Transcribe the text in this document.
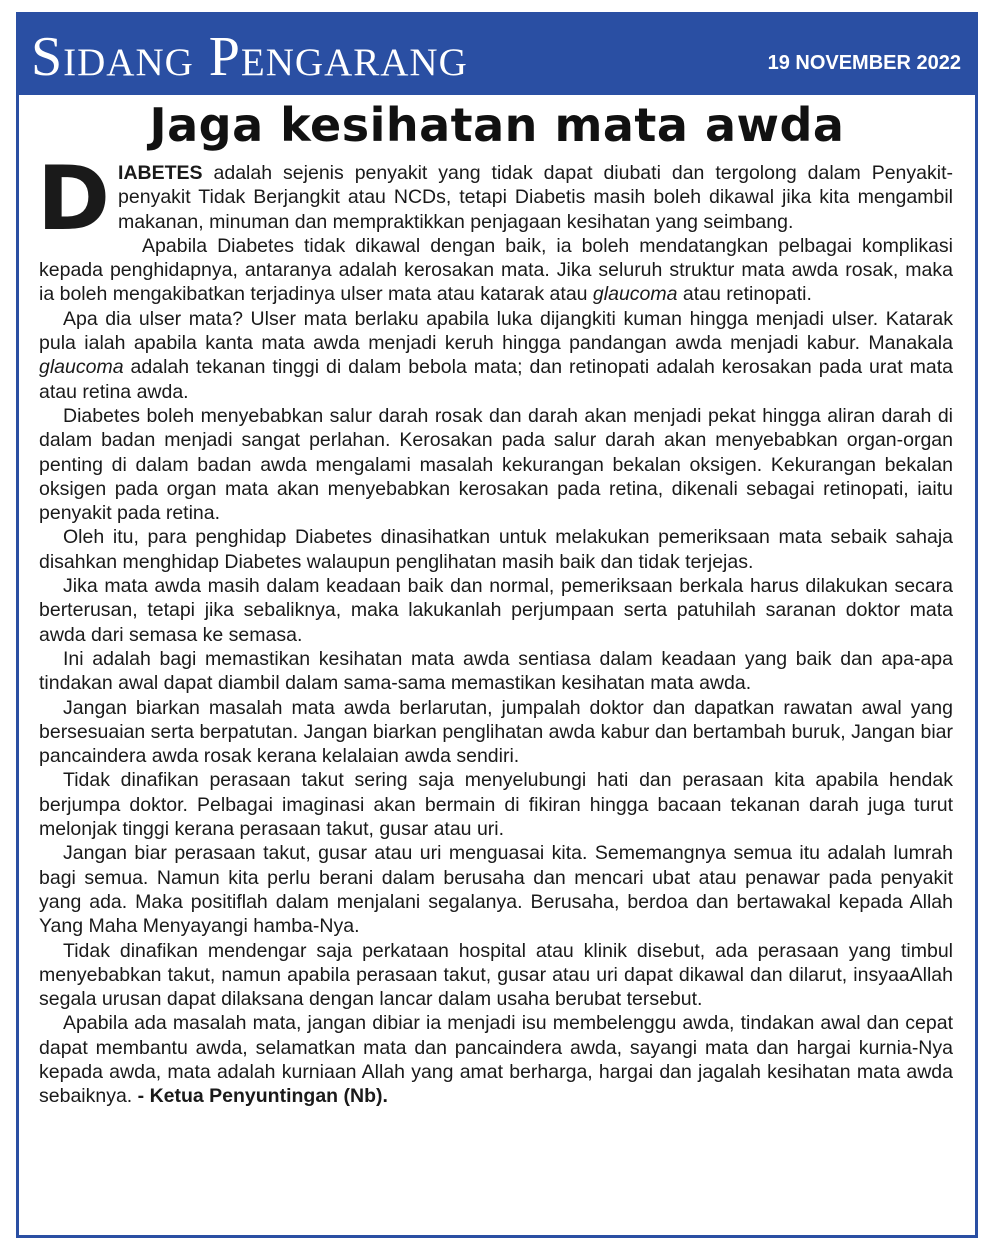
Sidang Pengarang	19 NOVEMBER 2022
Jaga kesihatan mata awda

DIABETES adalah sejenis penyakit yang tidak dapat diubati dan tergolong dalam Penyakit-penyakit Tidak Berjangkit atau NCDs, tetapi Diabetis masih boleh dikawal jika kita mengambil makanan, minuman dan mempraktikkan penjagaan kesihatan yang seimbang.

Apabila Diabetes tidak dikawal dengan baik, ia boleh mendatangkan pelbagai komplikasi kepada penghidapnya, antaranya adalah kerosakan mata. Jika seluruh struktur mata awda rosak, maka ia boleh mengakibatkan terjadinya ulser mata atau katarak atau glaucoma atau retinopati.

Apa dia ulser mata? Ulser mata berlaku apabila luka dijangkiti kuman hingga menjadi ulser. Katarak pula ialah apabila kanta mata awda menjadi keruh hingga pandangan awda menjadi kabur. Manakala glaucoma adalah tekanan tinggi di dalam bebola mata; dan retinopati adalah kerosakan pada urat mata atau retina awda.

Diabetes boleh menyebabkan salur darah rosak dan darah akan menjadi pekat hingga aliran darah di dalam badan menjadi sangat perlahan. Kerosakan pada salur darah akan menyebabkan organ-organ penting di dalam badan awda mengalami masalah kekurangan bekalan oksigen. Kekurangan bekalan oksigen pada organ mata akan menyebabkan kerosakan pada retina, dikenali sebagai retinopati, iaitu penyakit pada retina.

Oleh itu, para penghidap Diabetes dinasihatkan untuk melakukan pemeriksaan mata sebaik sahaja disahkan menghidap Diabetes walaupun penglihatan masih baik dan tidak terjejas.

Jika mata awda masih dalam keadaan baik dan normal, pemeriksaan berkala harus dilakukan secara berterusan, tetapi jika sebaliknya, maka lakukanlah perjumpaan serta patuhilah saranan doktor mata awda dari semasa ke semasa.

Ini adalah bagi memastikan kesihatan mata awda sentiasa dalam keadaan yang baik dan apa-apa tindakan awal dapat diambil dalam sama-sama memastikan kesihatan mata awda.

Jangan biarkan masalah mata awda berlarutan, jumpalah doktor dan dapatkan rawatan awal yang bersesuaian serta berpatutan. Jangan biarkan penglihatan awda kabur dan bertambah buruk, Jangan biar pancaindera awda rosak kerana kelalaian awda sendiri.

Tidak dinafikan perasaan takut sering saja menyelubungi hati dan perasaan kita apabila hendak berjumpa doktor. Pelbagai imaginasi akan bermain di fikiran hingga bacaan tekanan darah juga turut melonjak tinggi kerana perasaan takut, gusar atau uri.

Jangan biar perasaan takut, gusar atau uri menguasai kita. Sememangnya semua itu adalah lumrah bagi semua. Namun kita perlu berani dalam berusaha dan mencari ubat atau penawar pada penyakit yang ada. Maka positiflah dalam menjalani segalanya. Berusaha, berdoa dan bertawakal kepada Allah Yang Maha Menyayangi hamba-Nya.

Tidak dinafikan mendengar saja perkataan hospital atau klinik disebut, ada perasaan yang timbul menyebabkan takut, namun apabila perasaan takut, gusar atau uri dapat dikawal dan dilarut, insyaaAllah segala urusan dapat dilaksana dengan lancar dalam usaha berubat tersebut.

Apabila ada masalah mata, jangan dibiar ia menjadi isu membelenggu awda, tindakan awal dan cepat dapat membantu awda, selamatkan mata dan pancaindera awda, sayangi mata dan hargai kurnia-Nya kepada awda, mata adalah kurniaan Allah yang amat berharga, hargai dan jagalah kesihatan mata awda sebaiknya. - Ketua Penyuntingan (Nb).
